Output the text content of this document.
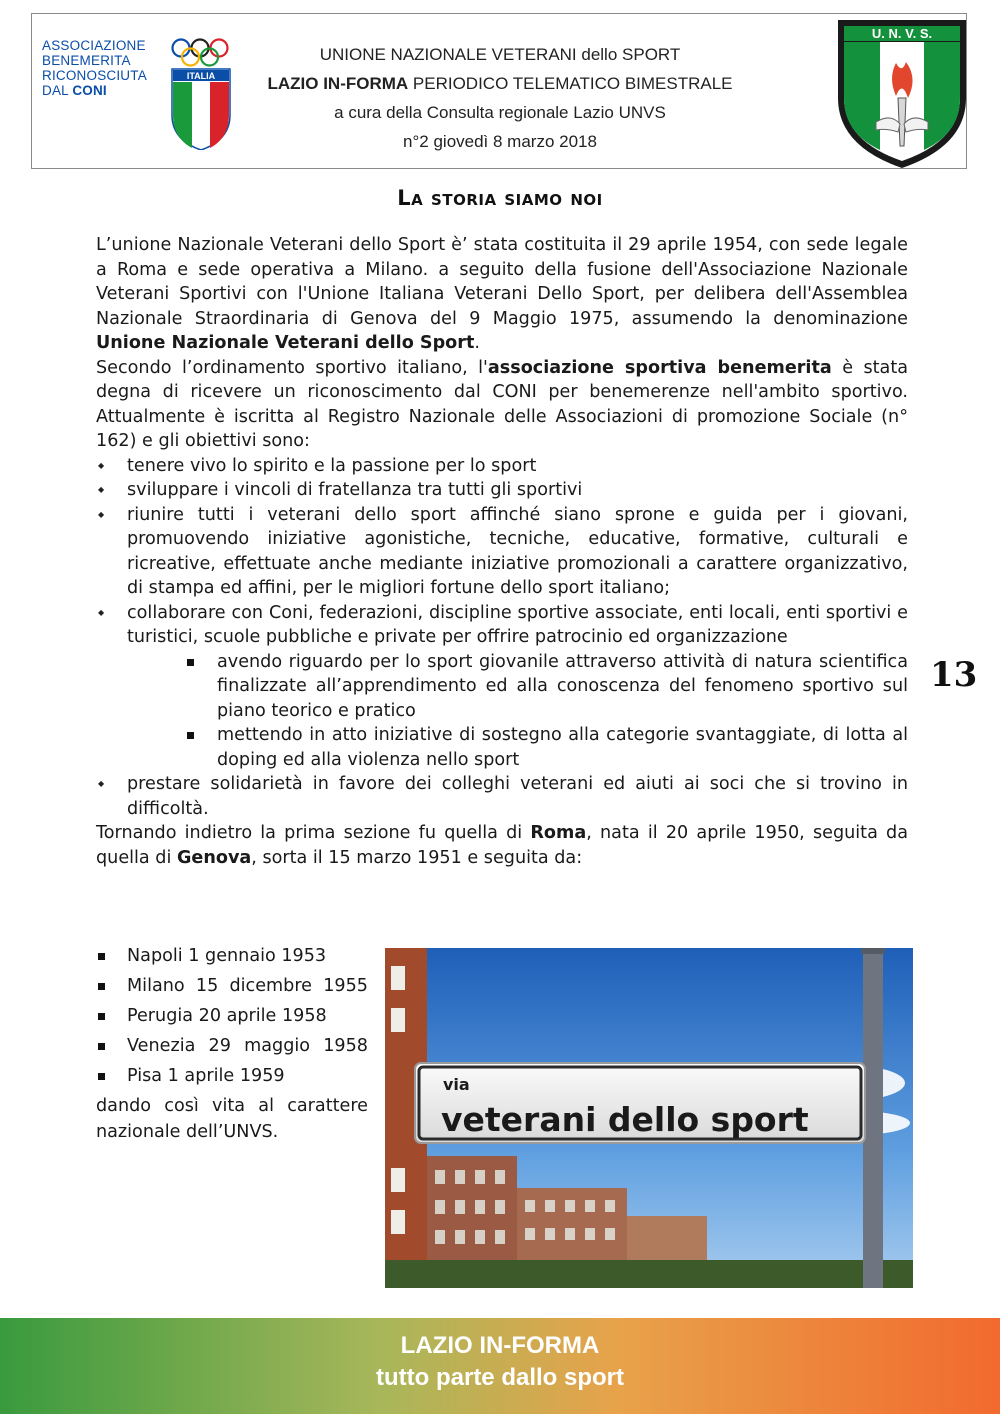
ASSOCIAZIONE
BENEMERITA
RICONOSCIUTA
DAL CONI
ITALIA
UNIONE NAZIONALE VETERANI dello SPORT
LAZIO IN-FORMA PERIODICO TELEMATICO BIMESTRALE
a cura della Consulta regionale Lazio UNVS
n°2 giovedì 8 marzo 2018
U. N. V. S.
La storia siamo noi

L’unione Nazionale Veterani dello Sport è’ stata costituita il 29 aprile 1954, con sede legale a Roma e sede operativa a Milano. a seguito della fusione dell'Associazione Nazionale Veterani Sportivi con l'Unione Italiana Veterani Dello Sport, per delibera dell'Assemblea Nazionale Straordinaria di Genova del 9 Maggio 1975, assumendo la denominazione Unione Nazionale Veterani dello Sport.

Secondo l’ordinamento sportivo italiano, l'associazione sportiva benemerita è stata degna di ricevere un riconoscimento dal CONI per benemerenze nell'ambito sportivo. Attualmente è iscritta al Registro Nazionale delle Associazioni di promozione Sociale (n° 162) e gli obiettivi sono:

◆ tenere vivo lo spirito e la passione per lo sport
◆ sviluppare i vincoli di fratellanza tra tutti gli sportivi
◆ riunire tutti i veterani dello sport affinché siano sprone e guida per i giovani, promuovendo iniziative agonistiche, tecniche, educative, formative, culturali e ricreative, effettuate anche mediante iniziative promozionali a carattere organizzativo, di stampa ed affini, per le migliori fortune dello sport italiano;
◆ collaborare con Coni, federazioni, discipline sportive associate, enti locali, enti sportivi e turistici, scuole pubbliche e private per offrire patrocinio ed organizzazione
avendo riguardo per lo sport giovanile attraverso attività di natura scientifica finalizzate all’apprendimento ed alla conoscenza del fenomeno sportivo sul piano teorico e pratico
mettendo in atto iniziative di sostegno alla categorie svantaggiate, di lotta al doping ed alla violenza nello sport
◆ prestare solidarietà in favore dei colleghi veterani ed aiuti ai soci che si trovino in difficoltà.

Tornando indietro la prima sezione fu quella di Roma, nata il 20 aprile 1950, seguita da quella di Genova, sorta il 15 marzo 1951 e seguita da:

13
Napoli 1 gennaio 1953
Milano 15 dicembre 1955
Perugia 20 aprile 1958
Venezia 29 maggio 1958
Pisa 1 aprile 1959
dando così vita al carattere nazionale dell’UNVS.
via
veterani dello sport
LAZIO IN-FORMA
tutto parte dallo sport
